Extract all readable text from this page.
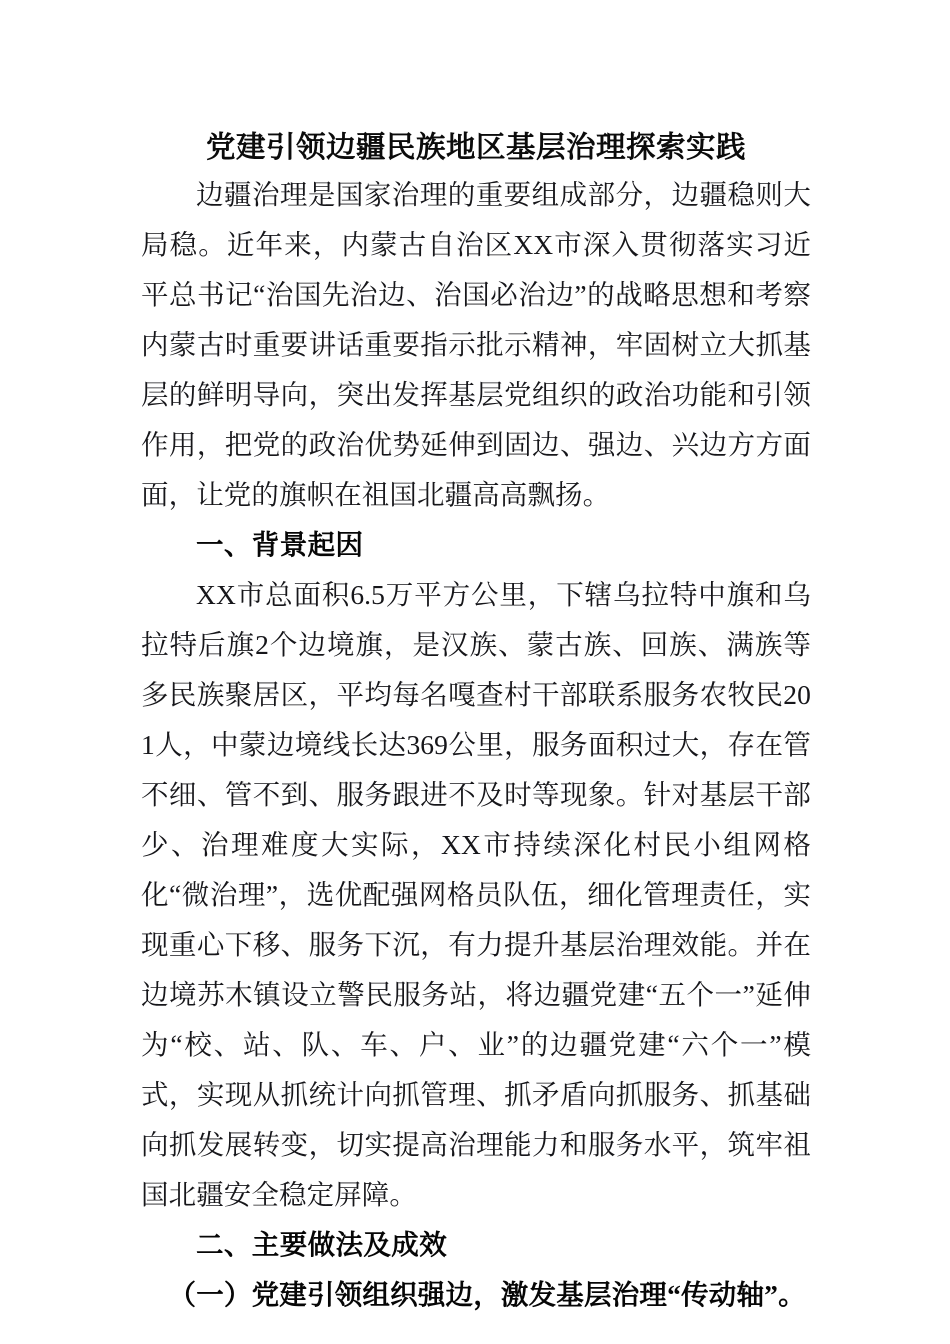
党建引领边疆民族地区基层治理探索实践

边疆治理是国家治理的重要组成部分，边疆稳则大局稳。近年来，内蒙古自治区XX市深入贯彻落实习近平总书记“治国先治边、治国必治边”的战略思想和考察内蒙古时重要讲话重要指示批示精神，牢固树立大抓基层的鲜明导向，突出发挥基层党组织的政治功能和引领作用，把党的政治优势延伸到固边、强边、兴边方方面面，让党的旗帜在祖国北疆高高飘扬。

一、背景起因

XX市总面积6.5万平方公里，下辖乌拉特中旗和乌拉特后旗2个边境旗，是汉族、蒙古族、回族、满族等多民族聚居区，平均每名嘎查村干部联系服务农牧民201人，中蒙边境线长达369公里，服务面积过大，存在管不细、管不到、服务跟进不及时等现象。针对基层干部少、治理难度大实际，XX市持续深化村民小组网格化“微治理”，选优配强网格员队伍，细化管理责任，实现重心下移、服务下沉，有力提升基层治理效能。并在边境苏木镇设立警民服务站，将边疆党建“五个一”延伸为“校、站、队、车、户、业”的边疆党建“六个一”模式，实现从抓统计向抓管理、抓矛盾向抓服务、抓基础向抓发展转变，切实提高治理能力和服务水平，筑牢祖国北疆安全稳定屏障。

二、主要做法及成效

（一）党建引领组织强边，激发基层治理“传动轴”。
